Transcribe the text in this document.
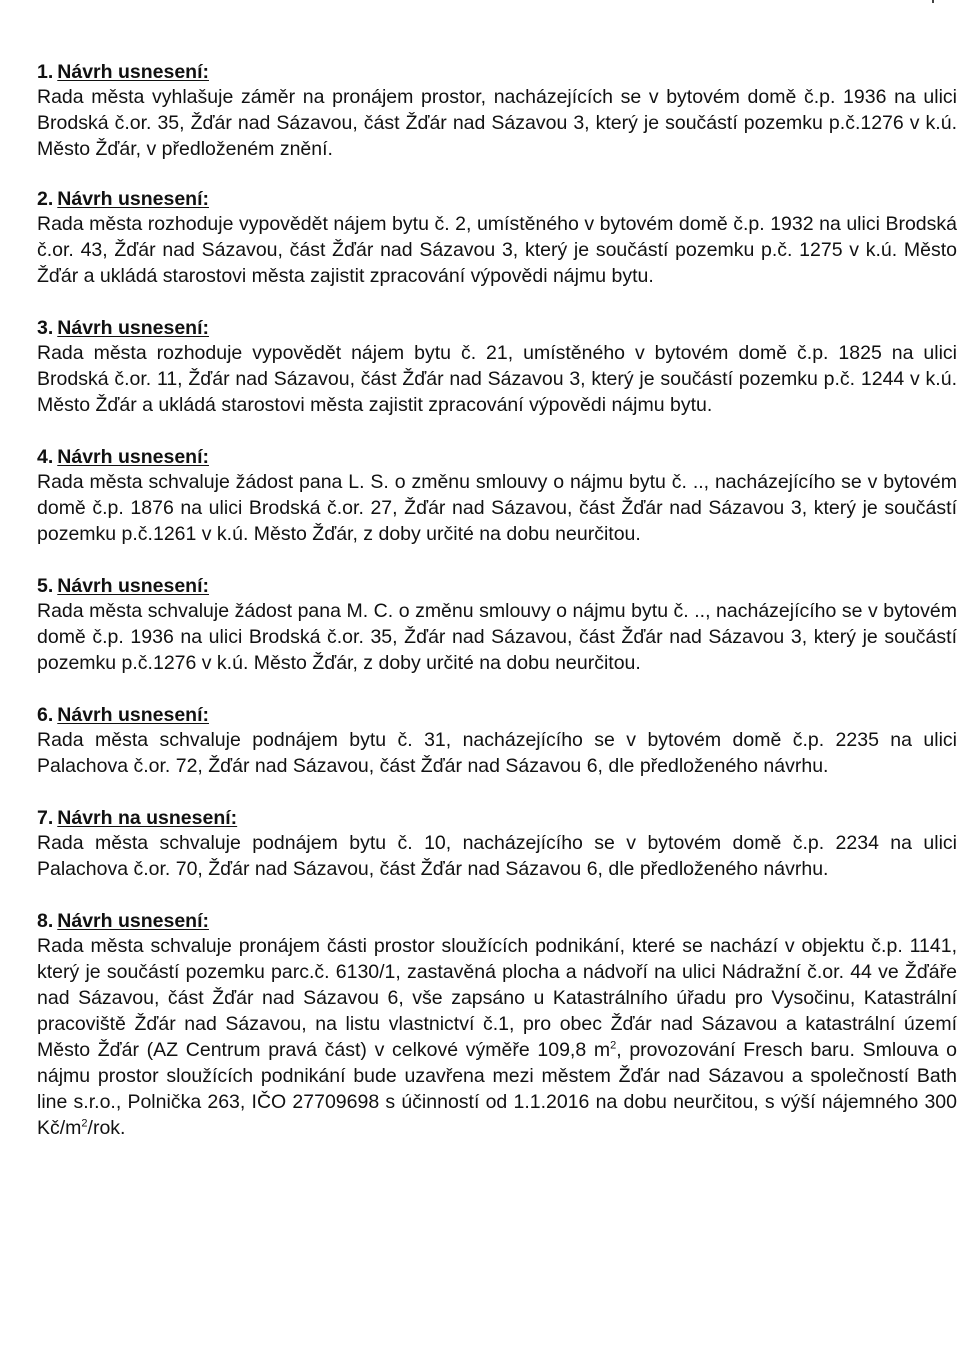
1. Návrh usnesení:

Rada města vyhlašuje záměr na pronájem prostor, nacházejících se v bytovém domě č.p. 1936 na ulici Brodská č.or. 35, Žďár nad Sázavou, část Žďár nad Sázavou 3, který je součástí pozemku p.č.1276 v k.ú. Město Žďár, v předloženém znění.

2. Návrh usnesení:

Rada města rozhoduje vypovědět nájem bytu č. 2, umístěného v bytovém domě č.p. 1932 na ulici Brodská č.or. 43, Žďár nad Sázavou, část Žďár nad Sázavou 3, který je součástí pozemku p.č. 1275 v k.ú. Město Žďár a ukládá starostovi města zajistit zpracování výpovědi nájmu bytu.

3. Návrh usnesení:

Rada města rozhoduje vypovědět nájem bytu č. 21, umístěného v bytovém domě č.p. 1825 na ulici Brodská č.or. 11, Žďár nad Sázavou, část Žďár nad Sázavou 3, který je součástí pozemku p.č. 1244 v k.ú. Město Žďár a ukládá starostovi města zajistit zpracování výpovědi nájmu bytu.

4. Návrh usnesení:

Rada města schvaluje žádost pana L. S. o změnu smlouvy o nájmu bytu č. .., nacházejícího se v bytovém domě č.p. 1876 na ulici Brodská č.or. 27, Žďár nad Sázavou, část Žďár nad Sázavou 3, který je součástí pozemku p.č.1261 v k.ú. Město Žďár, z doby určité na dobu neurčitou.

5. Návrh usnesení:

Rada města schvaluje žádost pana M. C. o změnu smlouvy o nájmu bytu č. .., nacházejícího se v bytovém domě č.p. 1936 na ulici Brodská č.or. 35, Žďár nad Sázavou, část Žďár nad Sázavou 3, který je součástí pozemku p.č.1276 v k.ú. Město Žďár, z doby určité na dobu neurčitou.

6. Návrh usnesení:

Rada města schvaluje podnájem bytu č. 31, nacházejícího se v bytovém domě č.p. 2235 na ulici Palachova č.or. 72, Žďár nad Sázavou, část Žďár nad Sázavou 6, dle předloženého návrhu.

7. Návrh na usnesení:

Rada města schvaluje podnájem bytu č. 10, nacházejícího se v bytovém domě č.p. 2234 na ulici Palachova č.or. 70, Žďár nad Sázavou, část Žďár nad Sázavou 6, dle předloženého návrhu.

8. Návrh usnesení:

Rada města schvaluje pronájem části prostor sloužících podnikání, které se nachází v objektu č.p. 1141, který je součástí pozemku parc.č. 6130/1, zastavěná plocha a nádvoří na ulici Nádražní č.or. 44 ve Žďáře nad Sázavou, část Žďár nad Sázavou 6, vše zapsáno u Katastrálního úřadu pro Vysočinu, Katastrální pracoviště Žďár nad Sázavou, na listu vlastnictví č.1, pro obec Žďár nad Sázavou a katastrální území Město Žďár (AZ Centrum pravá část) v celkové výměře 109,8 $m^2$, provozování Fresch baru. Smlouva o nájmu prostor sloužících podnikání bude uzavřena mezi městem Žďár nad Sázavou a společností Bath line s.r.o., Polnička 263, IČO 27709698 s účinností od 1.1.2016 na dobu neurčitou, s výší nájemného 300 $Kč/m^2$/rok.
